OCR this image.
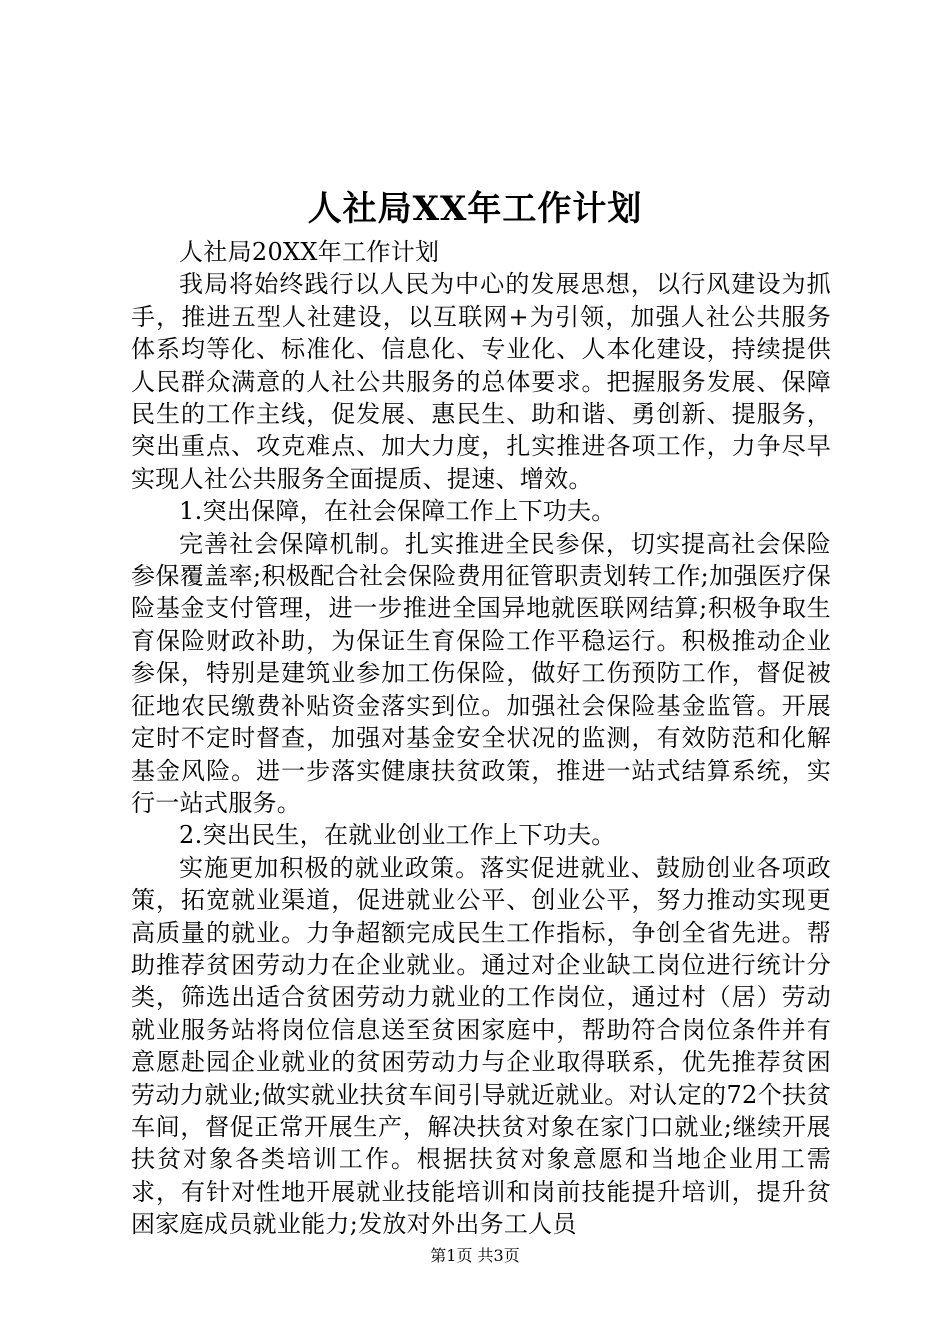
人社局XX年工作计划

人社局20XX年工作计划

我局将始终践行以人民为中心的发展思想，以行风建设为抓手，推进五型人社建设，以互联网+为引领，加强人社公共服务体系均等化、标准化、信息化、专业化、人本化建设，持续提供人民群众满意的人社公共服务的总体要求。把握服务发展、保障民生的工作主线，促发展、惠民生、助和谐、勇创新、提服务，突出重点、攻克难点、加大力度，扎实推进各项工作，力争尽早实现人社公共服务全面提质、提速、增效。

1.突出保障，在社会保障工作上下功夫。

完善社会保障机制。扎实推进全民参保，切实提高社会保险参保覆盖率;积极配合社会保险费用征管职责划转工作;加强医疗保险基金支付管理，进一步推进全国异地就医联网结算;积极争取生育保险财政补助，为保证生育保险工作平稳运行。积极推动企业参保，特别是建筑业参加工伤保险，做好工伤预防工作，督促被征地农民缴费补贴资金落实到位。加强社会保险基金监管。开展定时不定时督查，加强对基金安全状况的监测，有效防范和化解基金风险。进一步落实健康扶贫政策，推进一站式结算系统，实行一站式服务。

2.突出民生，在就业创业工作上下功夫。

实施更加积极的就业政策。落实促进就业、鼓励创业各项政策，拓宽就业渠道，促进就业公平、创业公平，努力推动实现更高质量的就业。力争超额完成民生工作指标，争创全省先进。帮助推荐贫困劳动力在企业就业。通过对企业缺工岗位进行统计分类，筛选出适合贫困劳动力就业的工作岗位，通过村（居）劳动就业服务站将岗位信息送至贫困家庭中，帮助符合岗位条件并有意愿赴园企业就业的贫困劳动力与企业取得联系，优先推荐贫困劳动力就业;做实就业扶贫车间引导就近就业。对认定的72个扶贫车间，督促正常开展生产，解决扶贫对象在家门口就业;继续开展扶贫对象各类培训工作。根据扶贫对象意愿和当地企业用工需求，有针对性地开展就业技能培训和岗前技能提升培训，提升贫困家庭成员就业能力;发放对外出务工人员

第1页 共3页
